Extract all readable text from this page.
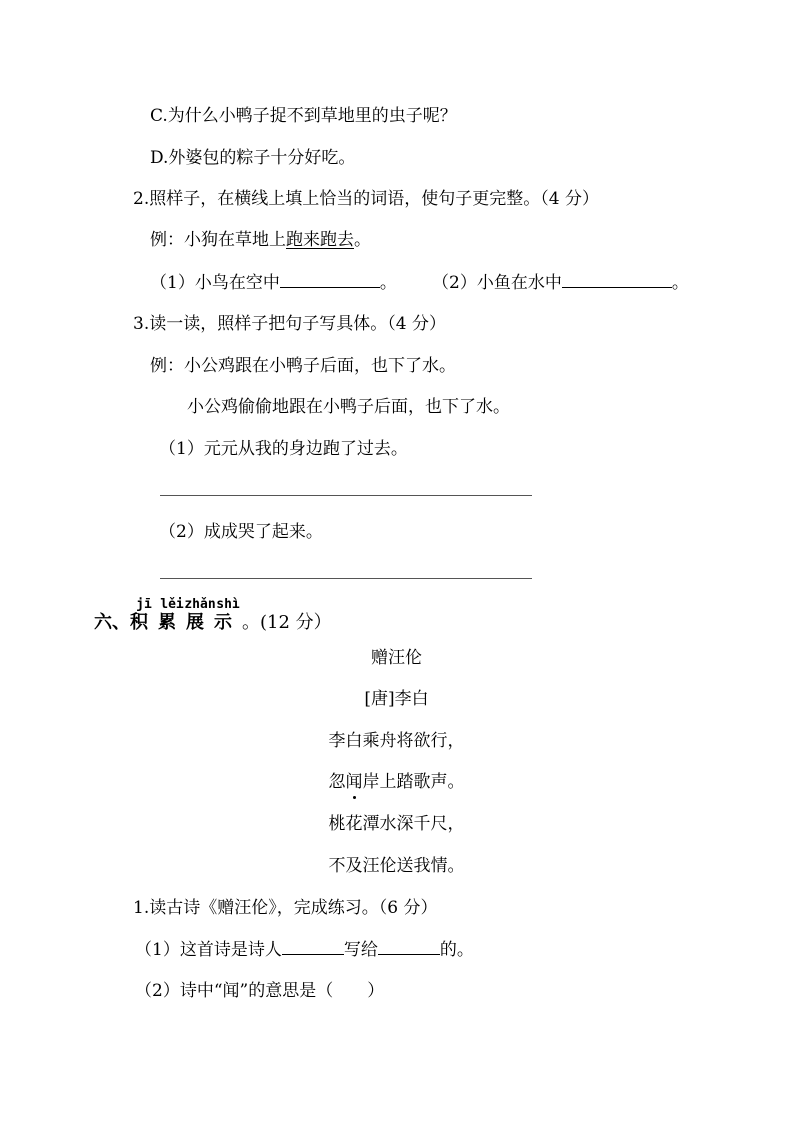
C.为什么小鸭子捉不到草地里的虫子呢？
D.外婆包的粽子十分好吃。
2.照样子，在横线上填上恰当的词语，使句子更完整。（4 分）
例：小狗在草地上跑来跑去。
（1）小鸟在空中	。 （2）小鱼在水中	。
3.读一读，照样子把句子写具体。（4 分）
例：小公鸡跟在小鸭子后面，也下了水。
小公鸡偷偷地跟在小鸭子后面，也下了水。
（1）元元从我的身边跑了过去。
（2）成成哭了起来。
六、
jī
积
lěi
累
zhǎn
展
shì
示 。(12 分）
赠汪伦
[唐]李白
李白乘舟将欲行，
忽闻岸上踏歌声。
桃花潭水深千尺，
不及汪伦送我情。
1.读古诗《赠汪伦》，完成练习。（6 分）
（1）这首诗是诗人	写给	的。
（2）诗中“闻”的意思是（　　）
